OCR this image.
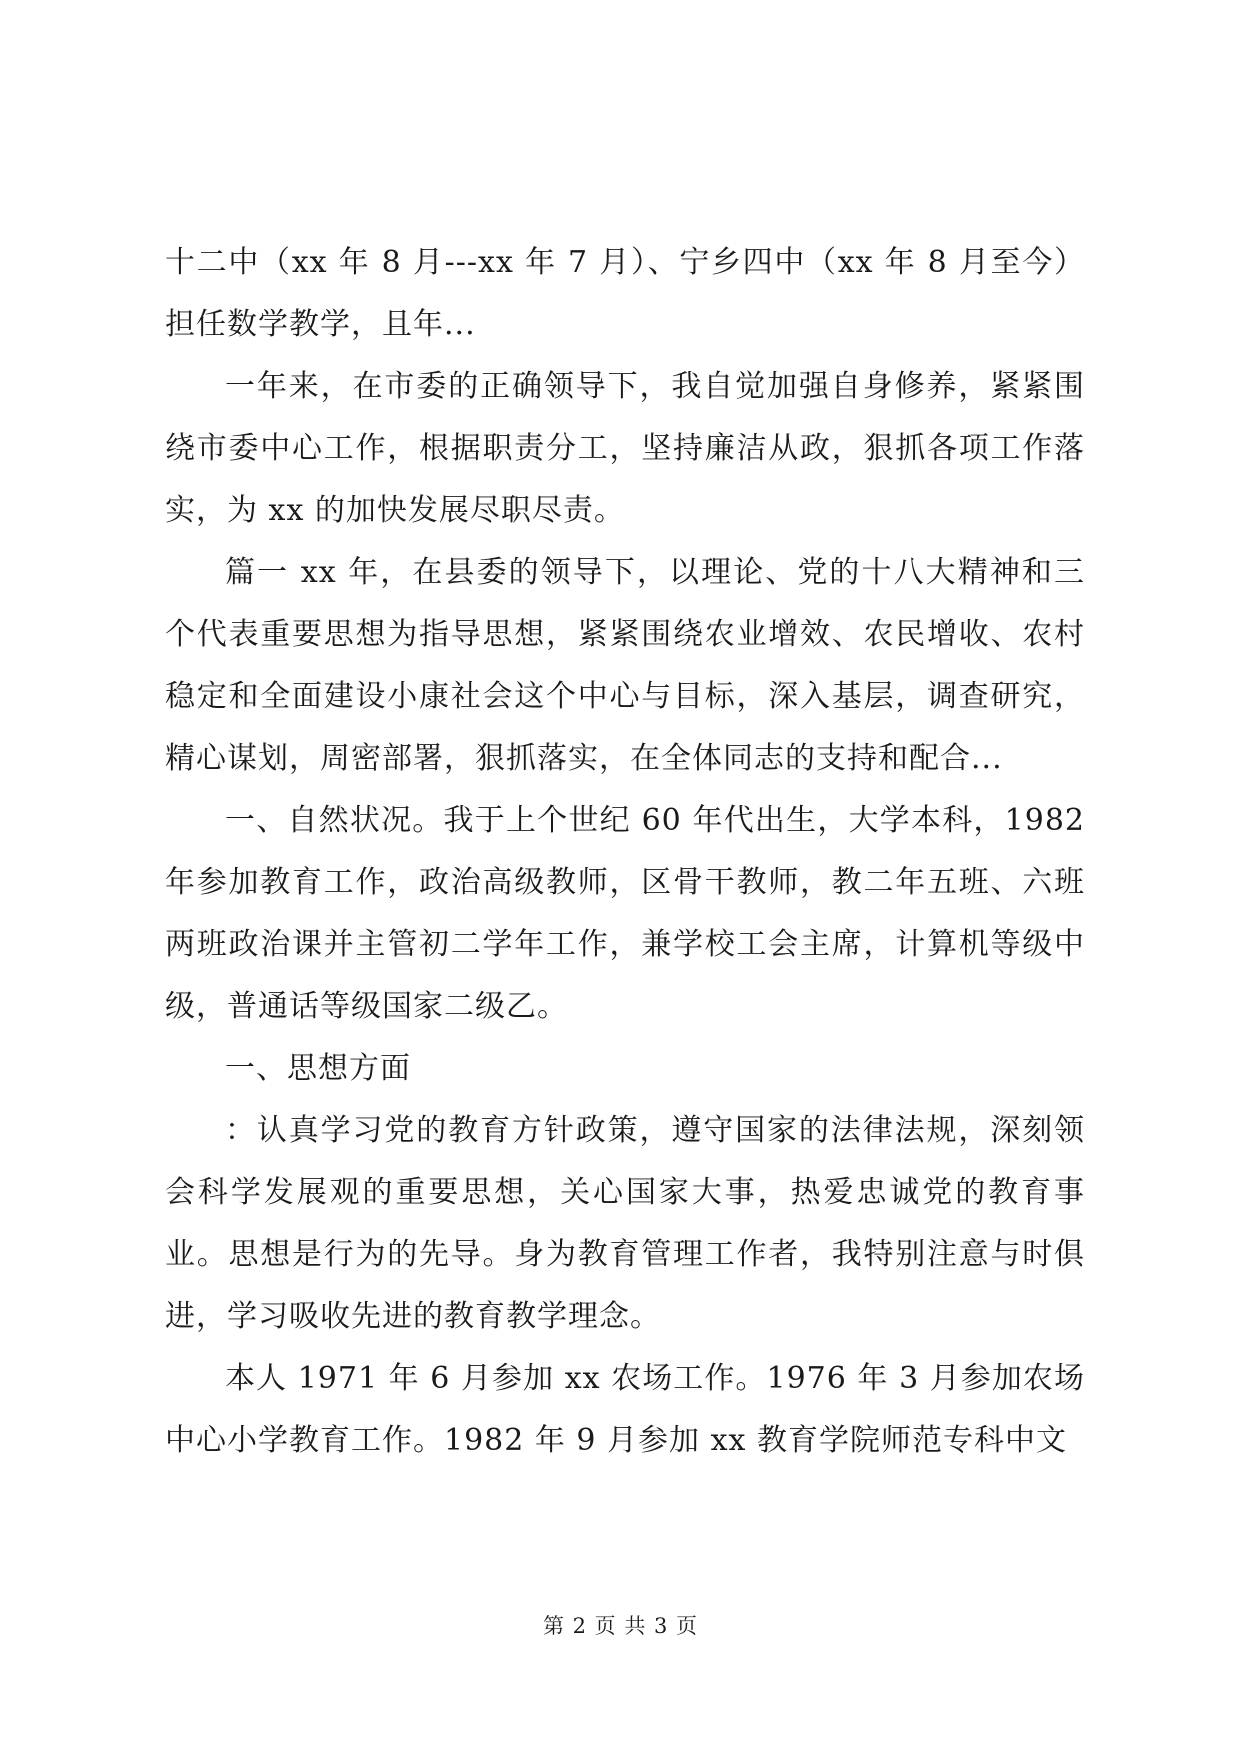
十二中（xx 年 8 月---xx 年 7 月）、宁乡四中（xx 年 8 月至今）担任数学教学，且年...

一年来，在市委的正确领导下，我自觉加强自身修养，紧紧围绕市委中心工作，根据职责分工，坚持廉洁从政，狠抓各项工作落实，为 xx 的加快发展尽职尽责。

篇一 xx 年，在县委的领导下，以理论、党的十八大精神和三个代表重要思想为指导思想，紧紧围绕农业增效、农民增收、农村稳定和全面建设小康社会这个中心与目标，深入基层，调查研究，精心谋划，周密部署，狠抓落实，在全体同志的支持和配合...

一、自然状况。我于上个世纪 60 年代出生，大学本科，1982 年参加教育工作，政治高级教师，区骨干教师，教二年五班、六班两班政治课并主管初二学年工作，兼学校工会主席，计算机等级中级，普通话等级国家二级乙。

一、思想方面

：认真学习党的教育方针政策，遵守国家的法律法规，深刻领会科学发展观的重要思想，关心国家大事，热爱忠诚党的教育事业。思想是行为的先导。身为教育管理工作者，我特别注意与时俱进，学习吸收先进的教育教学理念。

本人 1971 年 6 月参加 xx 农场工作。1976 年 3 月参加农场中心小学教育工作。1982 年 9 月参加 xx 教育学院师范专科中文

第 2 页 共 3 页
